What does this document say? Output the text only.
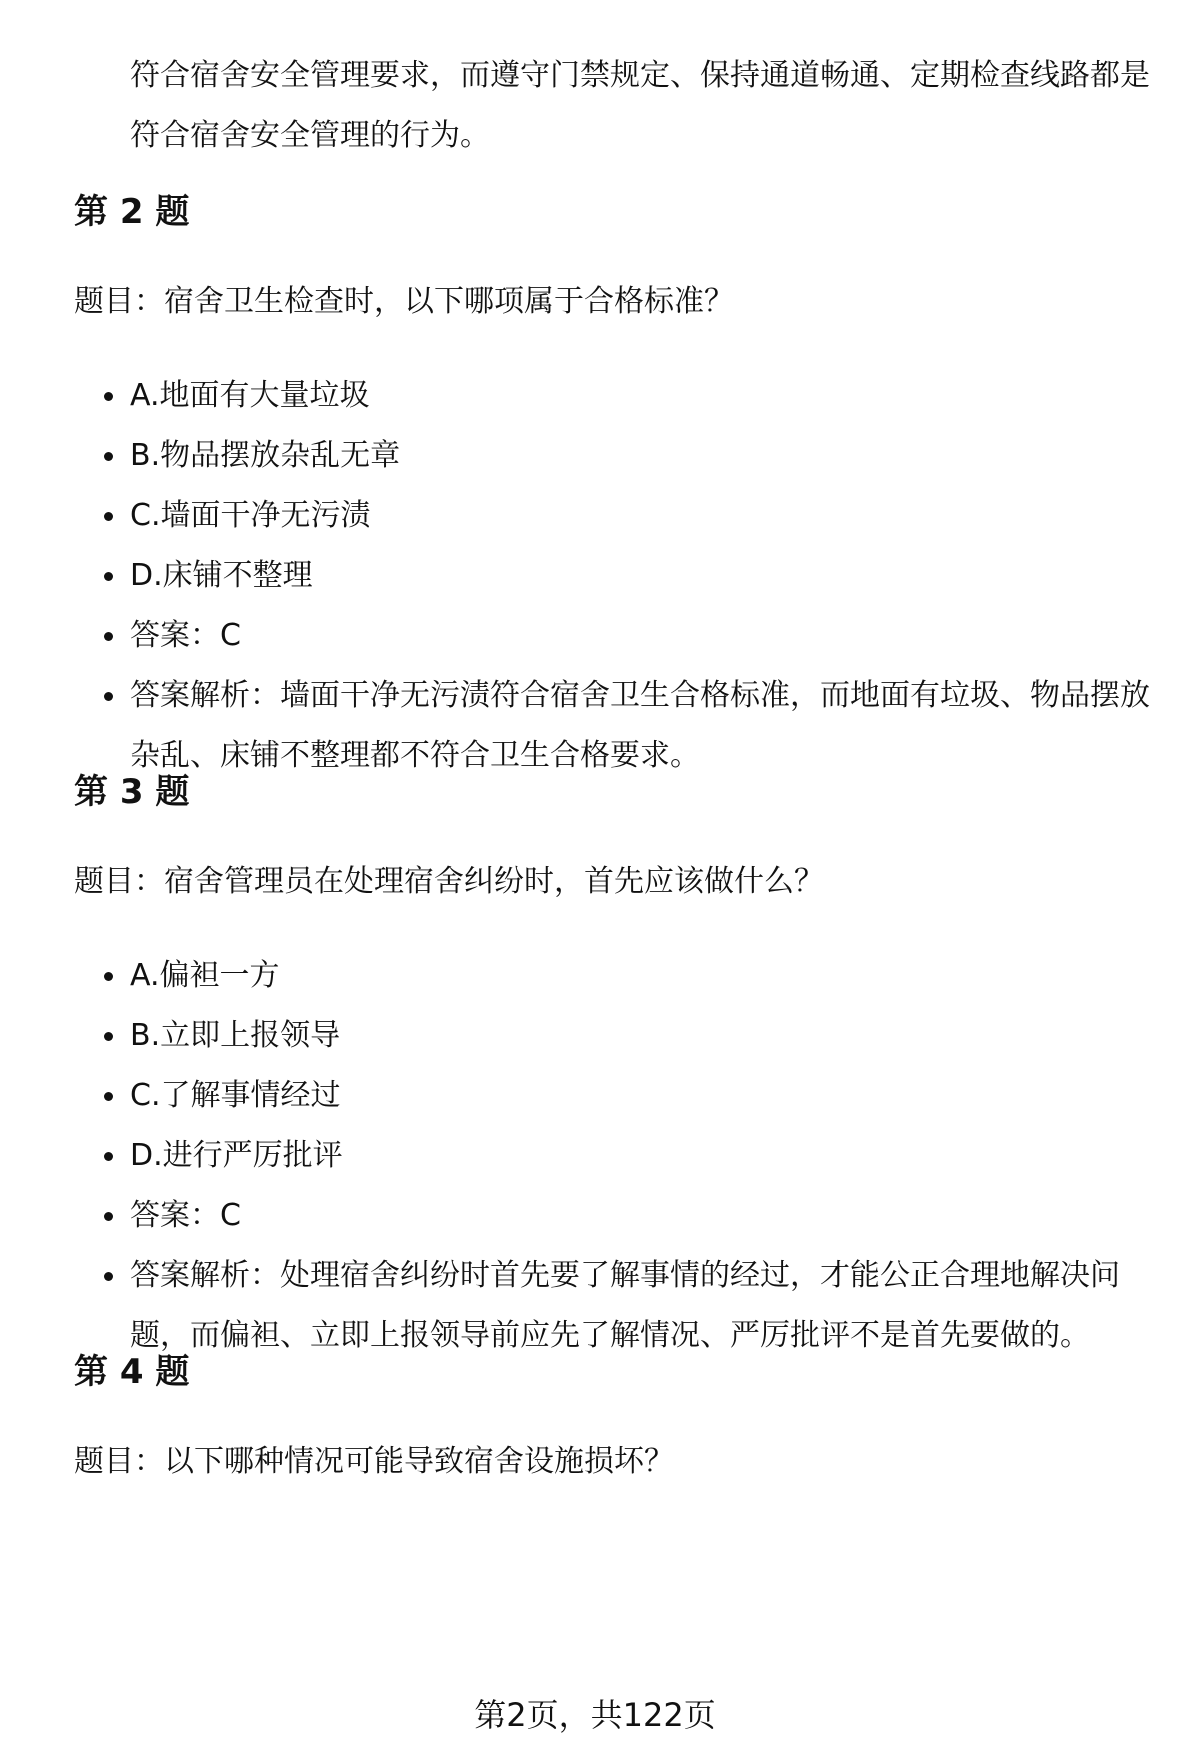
符合宿舍安全管理要求，而遵守门禁规定、保持通道畅通、定期检查线路都是符合宿舍安全管理的行为。
第 2 题
题目：宿舍卫生检查时，以下哪项属于合格标准？
A.地面有大量垃圾
B.物品摆放杂乱无章
C.墙面干净无污渍
D.床铺不整理
答案：C
答案解析：墙面干净无污渍符合宿舍卫生合格标准，而地面有垃圾、物品摆放杂乱、床铺不整理都不符合卫生合格要求。
第 3 题
题目：宿舍管理员在处理宿舍纠纷时，首先应该做什么？
A.偏袒一方
B.立即上报领导
C.了解事情经过
D.进行严厉批评
答案：C
答案解析：处理宿舍纠纷时首先要了解事情的经过，才能公正合理地解决问题，而偏袒、立即上报领导前应先了解情况、严厉批评不是首先要做的。
第 4 题
题目：以下哪种情况可能导致宿舍设施损坏？
第2页，共122页
